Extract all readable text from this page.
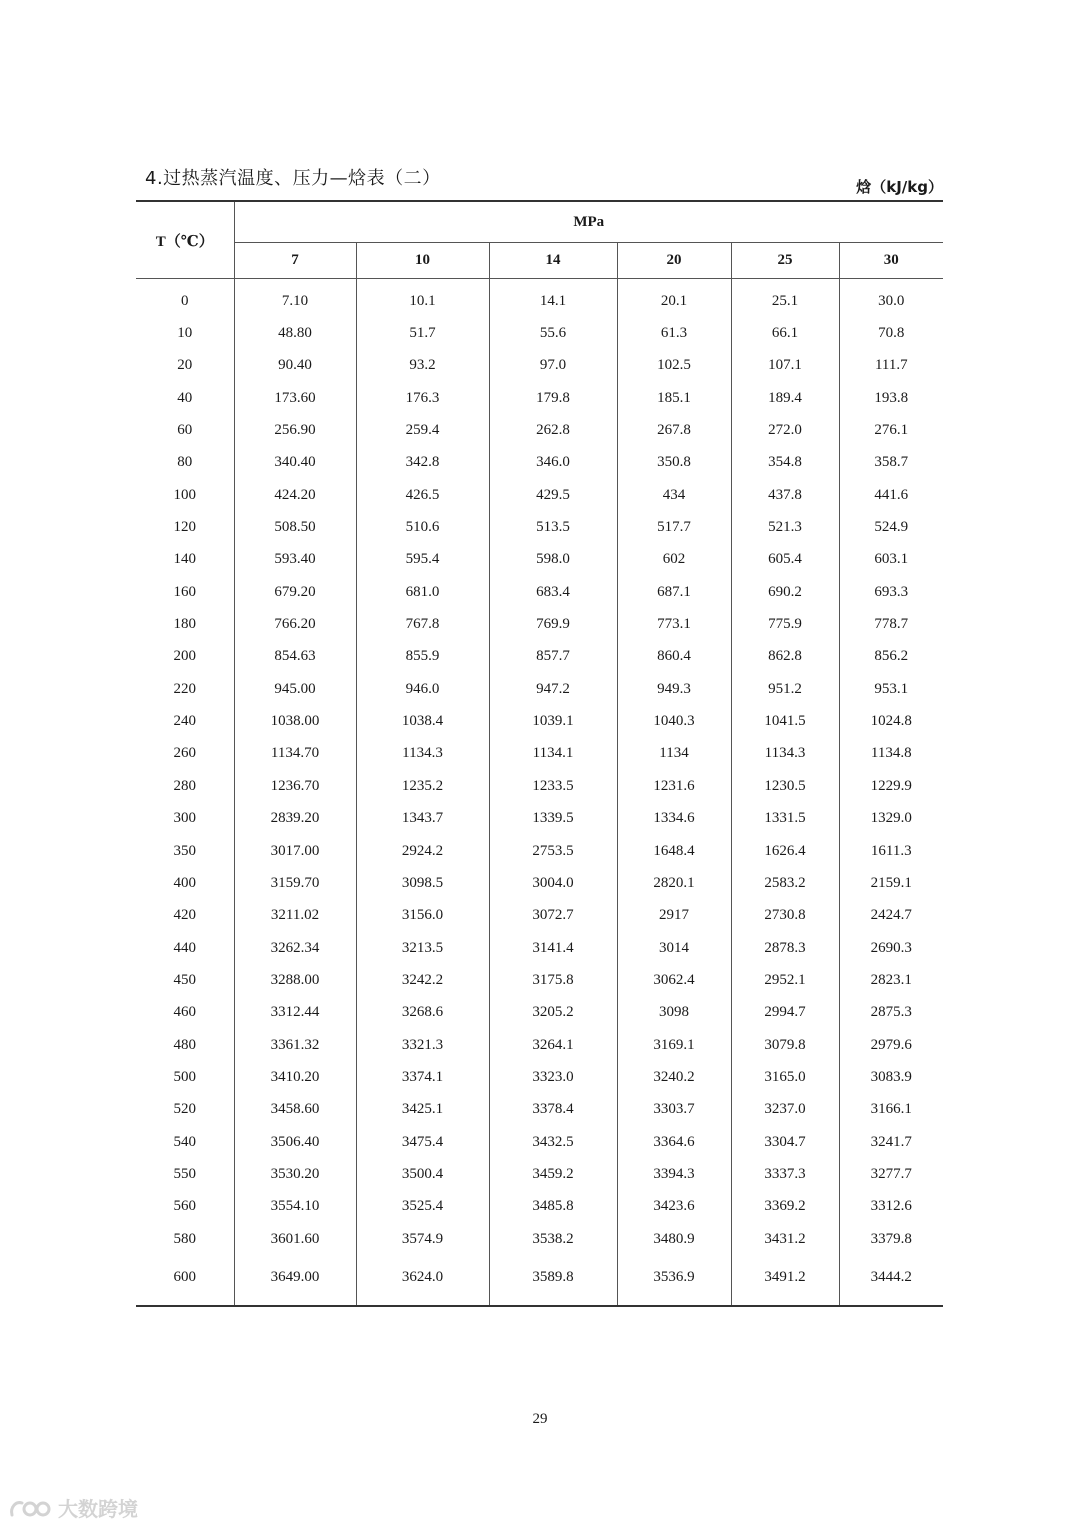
4.过热蒸汽温度、压力—焓表（二）	焓（kJ/kg）
T（℃）	MPa					
	7	10	14	20	25	30
0	7.10	10.1	14.1	20.1	25.1	30.0
10	48.80	51.7	55.6	61.3	66.1	70.8
20	90.40	93.2	97.0	102.5	107.1	111.7
40	173.60	176.3	179.8	185.1	189.4	193.8
60	256.90	259.4	262.8	267.8	272.0	276.1
80	340.40	342.8	346.0	350.8	354.8	358.7
100	424.20	426.5	429.5	434	437.8	441.6
120	508.50	510.6	513.5	517.7	521.3	524.9
140	593.40	595.4	598.0	602	605.4	603.1
160	679.20	681.0	683.4	687.1	690.2	693.3
180	766.20	767.8	769.9	773.1	775.9	778.7
200	854.63	855.9	857.7	860.4	862.8	856.2
220	945.00	946.0	947.2	949.3	951.2	953.1
240	1038.00	1038.4	1039.1	1040.3	1041.5	1024.8
260	1134.70	1134.3	1134.1	1134	1134.3	1134.8
280	1236.70	1235.2	1233.5	1231.6	1230.5	1229.9
300	2839.20	1343.7	1339.5	1334.6	1331.5	1329.0
350	3017.00	2924.2	2753.5	1648.4	1626.4	1611.3
400	3159.70	3098.5	3004.0	2820.1	2583.2	2159.1
420	3211.02	3156.0	3072.7	2917	2730.8	2424.7
440	3262.34	3213.5	3141.4	3014	2878.3	2690.3
450	3288.00	3242.2	3175.8	3062.4	2952.1	2823.1
460	3312.44	3268.6	3205.2	3098	2994.7	2875.3
480	3361.32	3321.3	3264.1	3169.1	3079.8	2979.6
500	3410.20	3374.1	3323.0	3240.2	3165.0	3083.9
520	3458.60	3425.1	3378.4	3303.7	3237.0	3166.1
540	3506.40	3475.4	3432.5	3364.6	3304.7	3241.7
550	3530.20	3500.4	3459.2	3394.3	3337.3	3277.7
560	3554.10	3525.4	3485.8	3423.6	3369.2	3312.6
580	3601.60	3574.9	3538.2	3480.9	3431.2	3379.8
600	3649.00	3624.0	3589.8	3536.9	3491.2	3444.2
29
大数跨境
